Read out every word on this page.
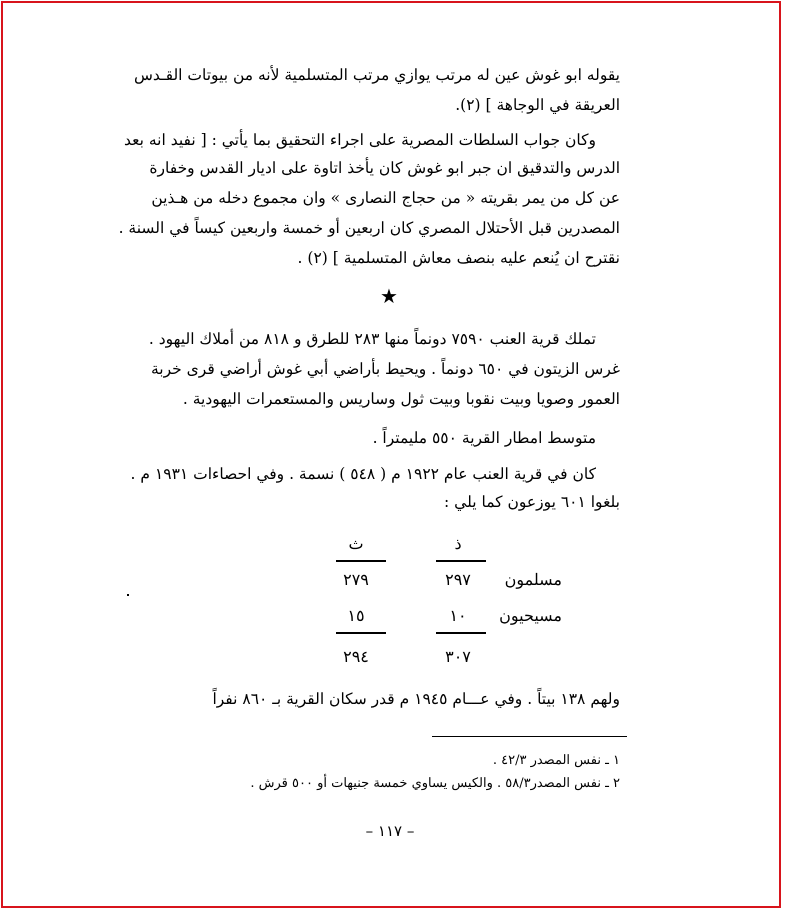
يقوله ابو غوش عين له مرتب يوازي مرتب المتسلمية لأنه من بيوتات القـدس
العريقة في الوجاهة ] (٢).
وكان جواب السلطات المصرية على اجراء التحقيق بما يأتي : [ نفيد انه بعد
الدرس والتدقيق ان جبر ابو غوش كان يأخذ اتاوة على اديار القدس وخفارة
عن كل من يمر بقريته « من حجاج النصارى » وان مجموع دخله من هـذين
المصدرين قبل الأحتلال المصري كان اربعين أو خمسة واربعين كيساً في السنة .
نقترح ان يُنعم عليه بنصف معاش المتسلمية ] (٢) .
★
تملك قرية العنب ٧٥٩٠ دونماً منها ٢٨٣ للطرق و ٨١٨ من أملاك اليهود .
غرس الزيتون في ٦٥٠ دونماً . ويحيط بأراضي أبي غوش أراضي قرى خربة
العمور وصويا وبيت نقوبا وبيت ثول وساريس والمستعمرات اليهودية .
متوسط امطار القرية ٥٥٠ مليمتراً .
كان في قرية العنب عام ١٩٢٢ م ( ٥٤٨ ) نسمة . وفي احصاءات ١٩٣١ م .
بلغوا ٦٠١ يوزعون كما يلي :
ذ
ث
مسلمون
٢٩٧
٢٧٩
مسيحيون
١٠
١٥
٣٠٧
٢٩٤
ولهم ١٣٨ بيتاً . وفي عـــام ١٩٤٥ م قدر سكان القرية بـ ٨٦٠ نفراً
١ ـ نفس المصدر ٤٢/٣ .
٢ ـ نفس المصدر٥٨/٣ . والكيس يساوي خمسة جنيهات أو ٥٠٠ قرش .
– ١١٧ –
